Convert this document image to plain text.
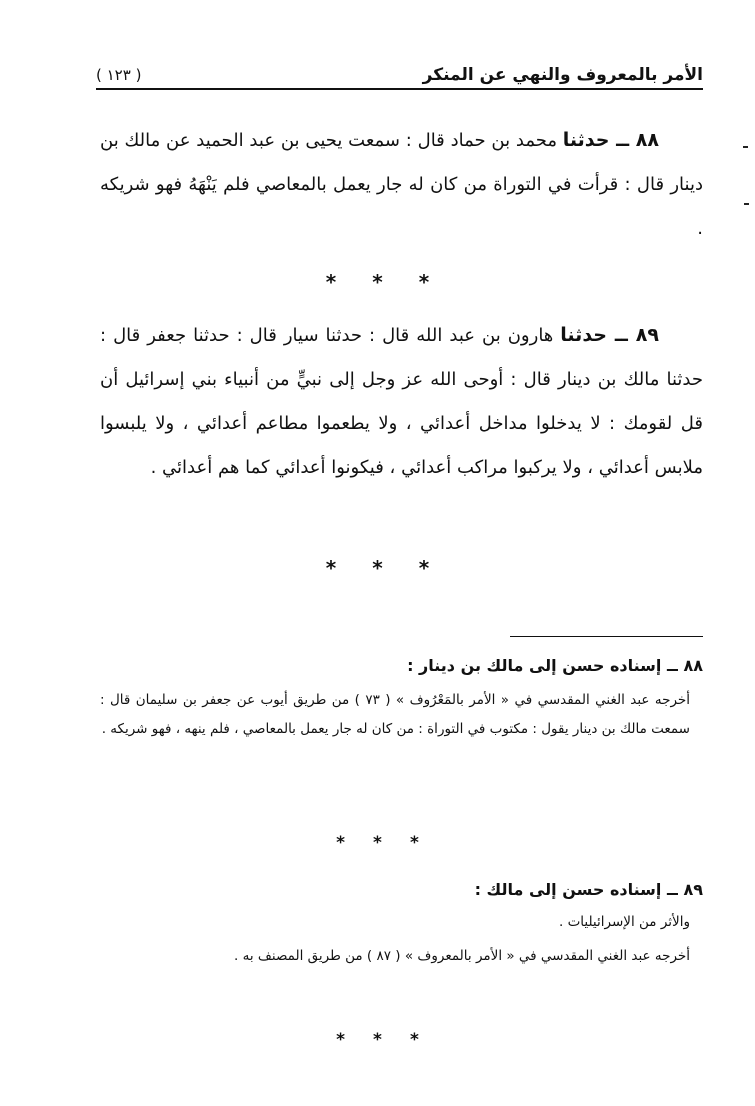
الأمر بالمعروف والنهي عن المنكر
( ١٢٣ )

٨٨ ــ حدثنا محمد بن حماد قال : سمعت يحيى بن عبد الحميد عن مالك بن دينار قال : قرأت في التوراة من كان له جار يعمل بالمعاصي فلم يَنْهَهُ فهو شريكه .

* * *

٨٩ ــ حدثنا هارون بن عبد الله قال : حدثنا سيار قال : حدثنا جعفر قال : حدثنا مالك بن دينار قال : أوحى الله عز وجل إلى نبيٍّ من أنبياء بني إسرائيل أن قل لقومك : لا يدخلوا مداخل أعدائي ، ولا يطعموا مطاعم أعدائي ، ولا يلبسوا ملابس أعدائي ، ولا يركبوا مراكب أعدائي ، فيكونوا أعدائي كما هم أعدائي .

* * *
٨٨ ــ إسناده حسن إلى مالك بن دينار :

أخرجه عبد الغني المقدسي في « الأمر بالمَعْرُوف » ( ٧٣ ) من طريق أيوب عن جعفر بن سليمان قال : سمعت مالك بن دينار يقول : مكتوب في التوراة : من كان له جار يعمل بالمعاصي ، فلم ينهه ، فهو شريكه .

* * *
٨٩ ــ إسناده حسن إلى مالك :
والأثر من الإسرائيليات .
أخرجه عبد الغني المقدسي في « الأمر بالمعروف » ( ٨٧ ) من طريق المصنف به .
* * *
